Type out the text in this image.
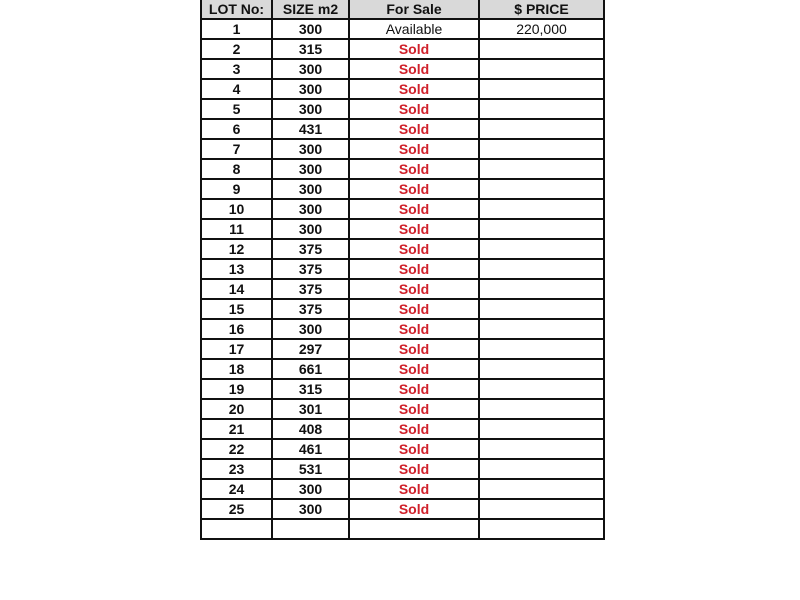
LOT No:	SIZE m2	For Sale	$ PRICE
1	300	Available	220,000
2	315	Sold	
3	300	Sold	
4	300	Sold	
5	300	Sold	
6	431	Sold	
7	300	Sold	
8	300	Sold	
9	300	Sold	
10	300	Sold	
11	300	Sold	
12	375	Sold	
13	375	Sold	
14	375	Sold	
15	375	Sold	
16	300	Sold	
17	297	Sold	
18	661	Sold	
19	315	Sold	
20	301	Sold	
21	408	Sold	
22	461	Sold	
23	531	Sold	
24	300	Sold	
25	300	Sold	
